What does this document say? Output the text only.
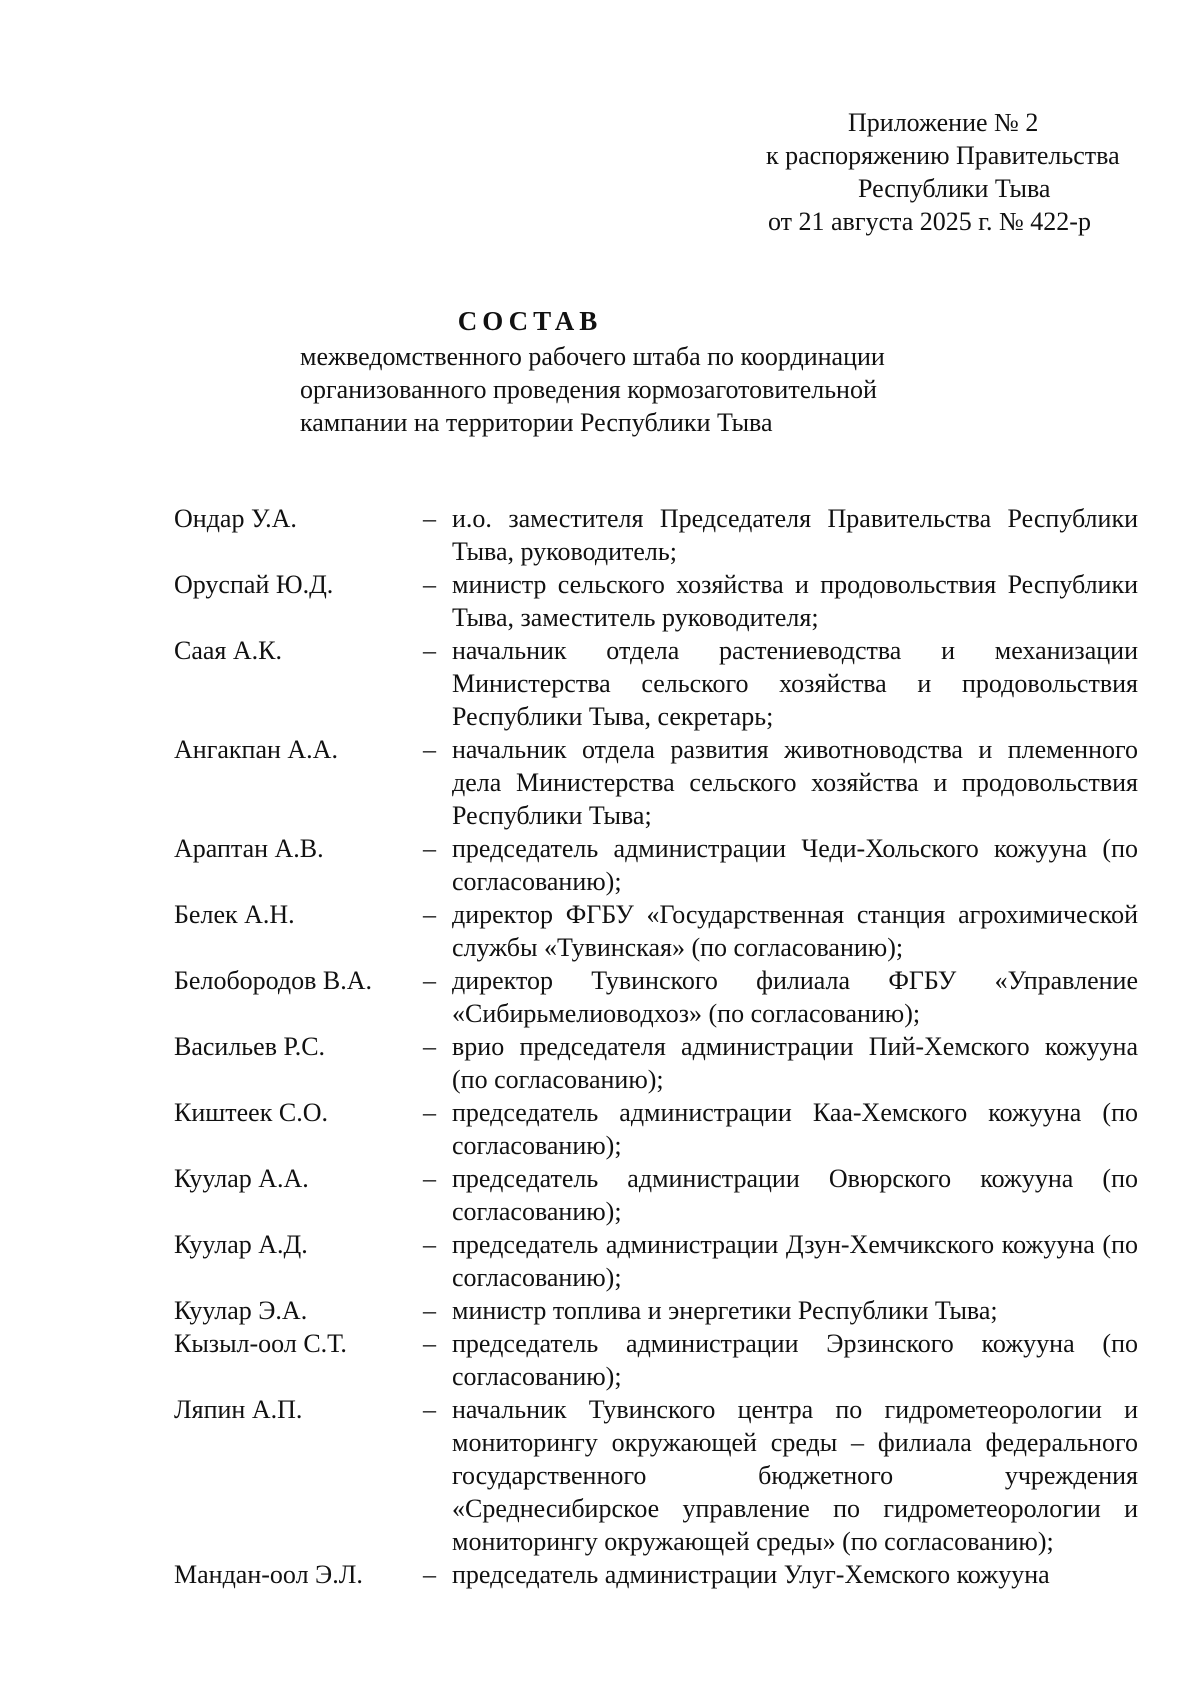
Приложение № 2
к распоряжению Правительства
Республики Тыва
от 21 августа 2025 г. № 422-р
СОСТАВ
межведомственного рабочего штаба по координации
организованного проведения кормозаготовительной
кампании на территории Республики Тыва
Ондар У.А.	– и.о. заместителя Председателя Правительства Республики Тыва, руководитель;
Оруспай Ю.Д.	– министр сельского хозяйства и продовольствия Республики Тыва, заместитель руководителя;
Саая А.К.	– начальник отдела растениеводства и механизации Министерства сельского хозяйства и продовольствия Республики Тыва, секретарь;
Ангакпан А.А.	– начальник отдела развития животноводства и племенного дела Министерства сельского хозяйства и продовольствия Республики Тыва;
Араптан А.В.	– председатель администрации Чеди-Хольского кожууна (по согласованию);
Белек А.Н.	– директор ФГБУ «Государственная станция агрохимической службы «Тувинская» (по согласованию);
Белобородов В.А. – директор Тувинского филиала ФГБУ «Управление «Сибирьмелиоводхоз» (по согласованию);
Васильев Р.С.	– врио председателя администрации Пий-Хемского кожууна (по согласованию);
Киштеек С.О.	– председатель администрации Каа-Хемского кожууна (по согласованию);
Куулар А.А.	– председатель администрации Овюрского кожууна (по согласованию);
Куулар А.Д.	– председатель администрации Дзун-Хемчикского кожууна (по согласованию);
Куулар Э.А.	– министр топлива и энергетики Республики Тыва;
Кызыл-оол С.Т.	– председатель администрации Эрзинского кожууна (по согласованию);
Ляпин А.П.	– начальник Тувинского центра по гидрометеорологии и мониторингу окружающей среды – филиала федерального государственного бюджетного учреждения «Среднесибирское управление по гидрометеорологии и мониторингу окружающей среды» (по согласованию);
Мандан-оол Э.Л. – председатель администрации Улуг-Хемского кожууна
